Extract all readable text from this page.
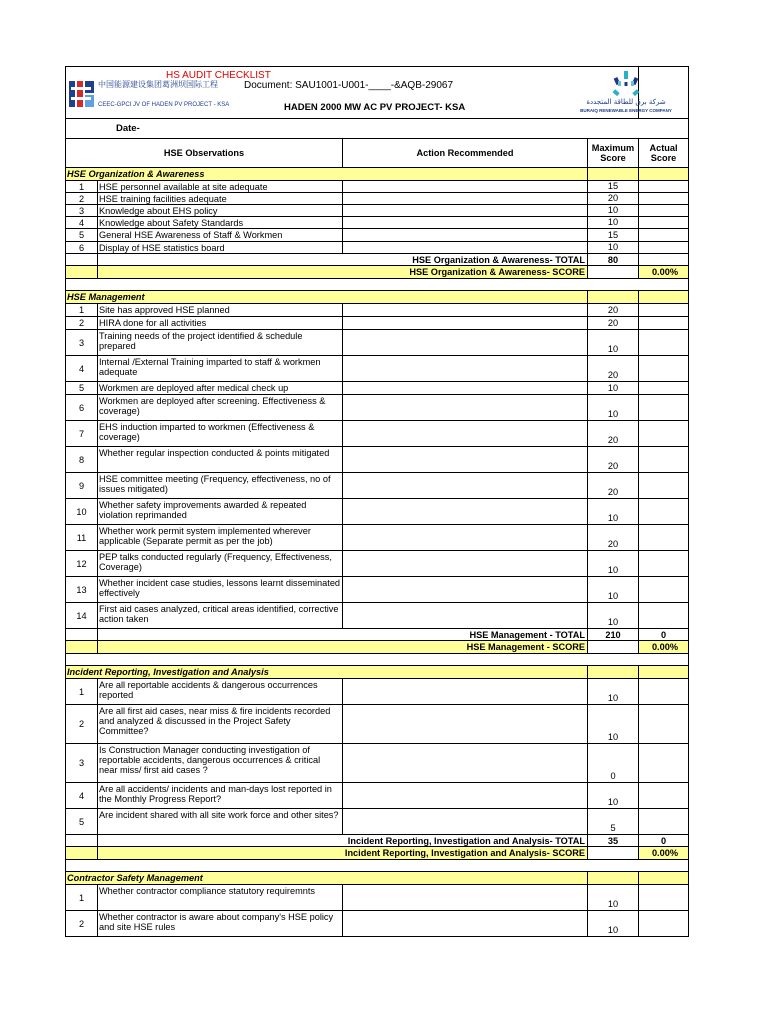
中国能源建设集团葛洲坝国际工程
CEEC-GPCI JV OF HADEN PV PROJECT - KSA
HS AUDIT CHECKLIST
Document: SAU1001-U001-____-&AQB-29067
HADEN 2000 MW AC PV PROJECT- KSA				

Date-				
HSE Observations		Action Recommended	Maximum Score	Actual Score
HSE Organization & Awareness				
1	HSE personnel available at site adequate		15	
2	HSE training facilities adequate		20	
3	Knowledge about EHS policy		10	
4	Knowledge about Safety Standards		10	
5	General HSE Awareness of Staff & Workmen		15	
6	Display of HSE statistics board		10	
	HSE Organization & Awareness- TOTAL		80	
	HSE Organization & Awareness- SCORE			0.00%

HSE Management				
1	Site has approved HSE planned		20	
2	HIRA done for all activities		20	
3	Training needs of the project identified & schedule prepared		10	
4	Internal /External Training imparted to staff & workmen adequate		20	
5	Workmen are deployed after medical check up		10	
6	Workmen are deployed after screening. Effectiveness & coverage)		10	
7	EHS induction imparted to workmen (Effectiveness & coverage)		20	
8	Whether regular inspection conducted & points mitigated		20	
9	HSE committee meeting (Frequency, effectiveness, no of issues mitigated)		20	
10	Whether safety improvements awarded & repeated violation reprimanded		10	
11	Whether work permit system implemented wherever applicable (Separate permit as per the job)		20	
12	PEP talks conducted regularly (Frequency, Effectiveness, Coverage)		10	
13	Whether incident case studies, lessons learnt disseminated effectively		10	
14	First aid cases analyzed, critical areas identified, corrective action taken		10	
	HSE Management - TOTAL		210	0
	HSE Management - SCORE			0.00%

Incident Reporting, Investigation and Analysis				
1	Are all reportable accidents & dangerous occurrences reported		10	
2	Are all first aid cases, near miss & fire incidents recorded and analyzed & discussed in the Project Safety Committee?		10	
3	Is Construction Manager conducting investigation of reportable accidents, dangerous occurrences & critical near miss/ first aid cases ?		0	
4	Are all accidents/ incidents and man-days lost reported in the Monthly Progress Report?		10	
5	Are incident shared with all site work force and other sites?		5	
	Incident Reporting, Investigation and Analysis- TOTAL		35	0
	Incident Reporting, Investigation and Analysis- SCORE			0.00%

Contractor Safety Management				
1	Whether contractor compliance statutory requiremnts		10	
2	Whether contractor is aware about company's HSE policy and site HSE rules		10	
شركة برق للطاقة المتجددة
BURAIQ RENEWABLE ENERGY COMPANY
